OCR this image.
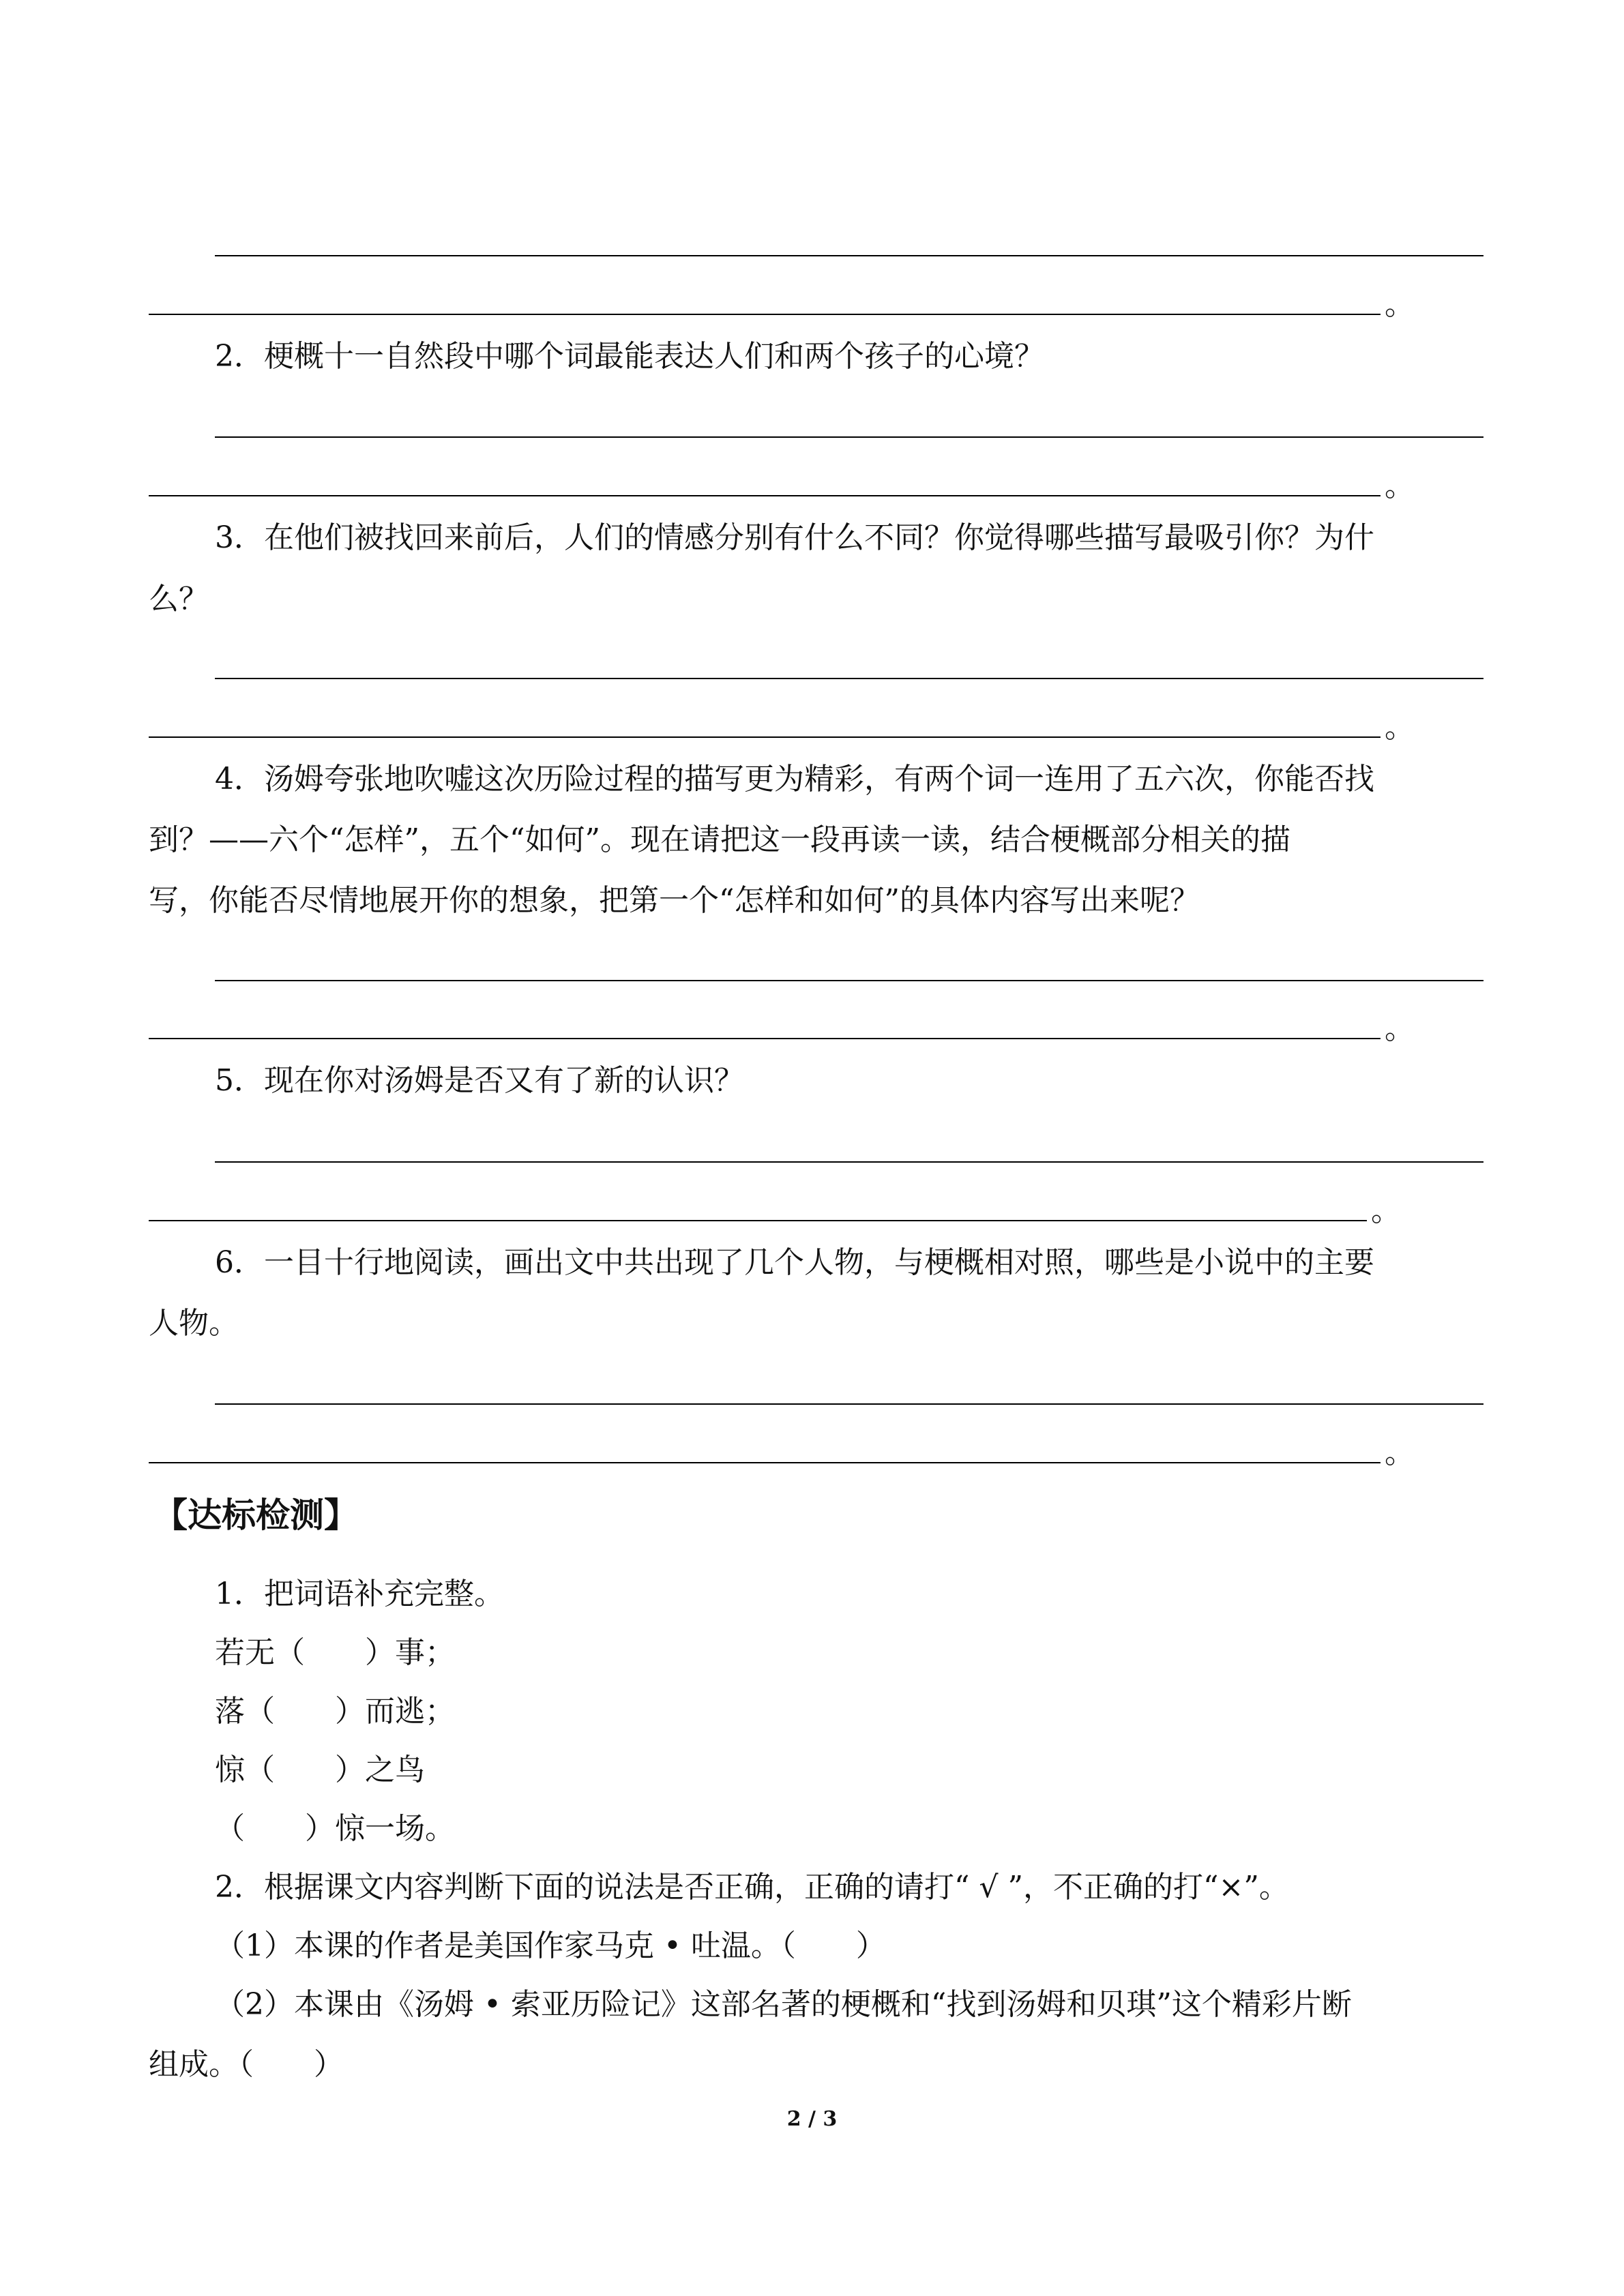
。
2．梗概十一自然段中哪个词最能表达人们和两个孩子的心境？
。
3．在他们被找回来前后，人们的情感分别有什么不同？你觉得哪些描写最吸引你？为什
么？
。
4．汤姆夸张地吹嘘这次历险过程的描写更为精彩，有两个词一连用了五六次，你能否找
到？——六个“怎样”，五个“如何”。现在请把这一段再读一读，结合梗概部分相关的描
写，你能否尽情地展开你的想象，把第一个“怎样和如何”的具体内容写出来呢？
。
5．现在你对汤姆是否又有了新的认识？
。
6．一目十行地阅读，画出文中共出现了几个人物，与梗概相对照，哪些是小说中的主要
人物。
。
【达标检测】
1．把词语补充完整。
若无（　　）事；
落（　　）而逃；
惊（　　）之鸟
（　　）惊一场。
2．根据课文内容判断下面的说法是否正确，正确的请打“ √ ”，不正确的打“×”。
（1）本课的作者是美国作家马克 • 吐温。（　　）
（2）本课由《汤姆 • 索亚历险记》这部名著的梗概和“找到汤姆和贝琪”这个精彩片断
组成。（　　）
2 / 3
